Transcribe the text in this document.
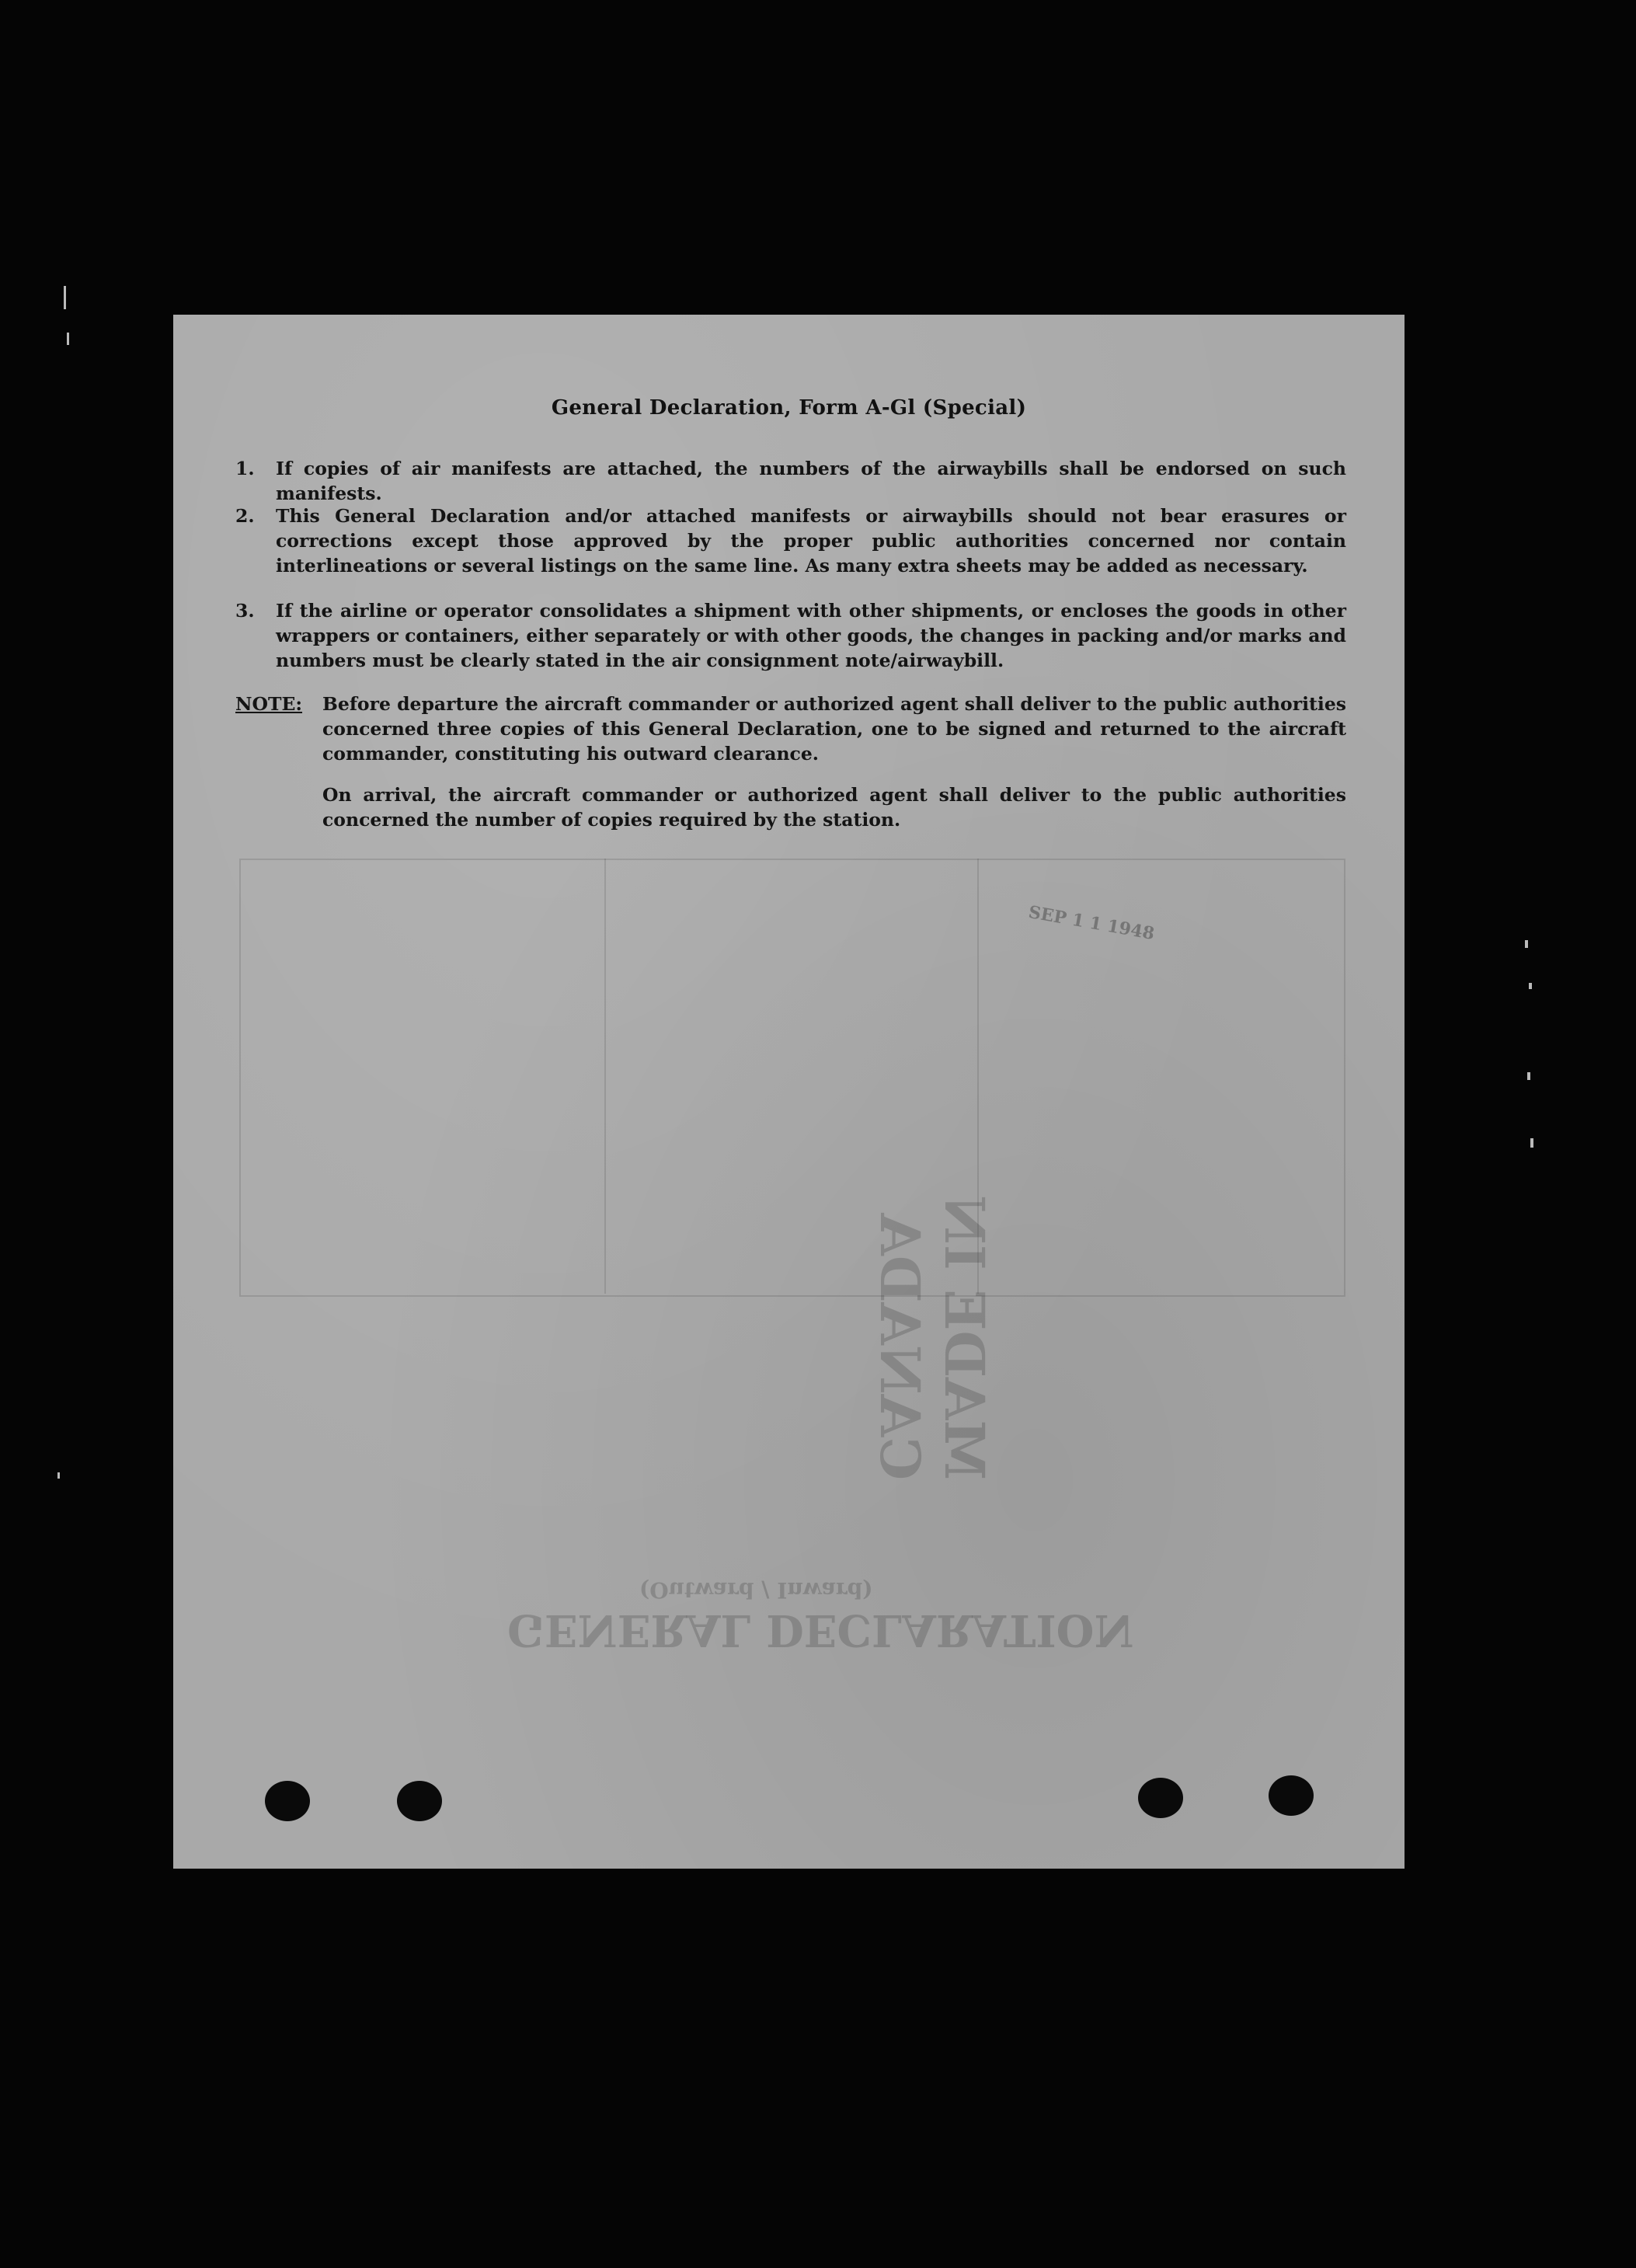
GENERAL DECLARATION
(Outward / Inward)
MADE IN CANADA
SEP 1 1 1948
General Declaration, Form A-Gl (Special)
1. If copies of air manifests are attached, the numbers of the airwaybills shall be endorsed on such manifests.
2. This General Declaration and/or attached manifests or airwaybills should not bear erasures or corrections except those approved by the proper public authorities concerned nor contain interlineations or several listings on the same line. As many extra sheets may be added as necessary.
3. If the airline or operator consolidates a shipment with other shipments, or encloses the goods in other wrappers or containers, either separately or with other goods, the changes in packing and/or marks and numbers must be clearly stated in the air consignment note/airwaybill.
NOTE: Before departure the aircraft commander or authorized agent shall deliver to the public authorities concerned three copies of this General Declaration, one to be signed and returned to the aircraft commander, constituting his outward clearance.
On arrival, the aircraft commander or authorized agent shall deliver to the public authorities concerned the number of copies required by the station.
